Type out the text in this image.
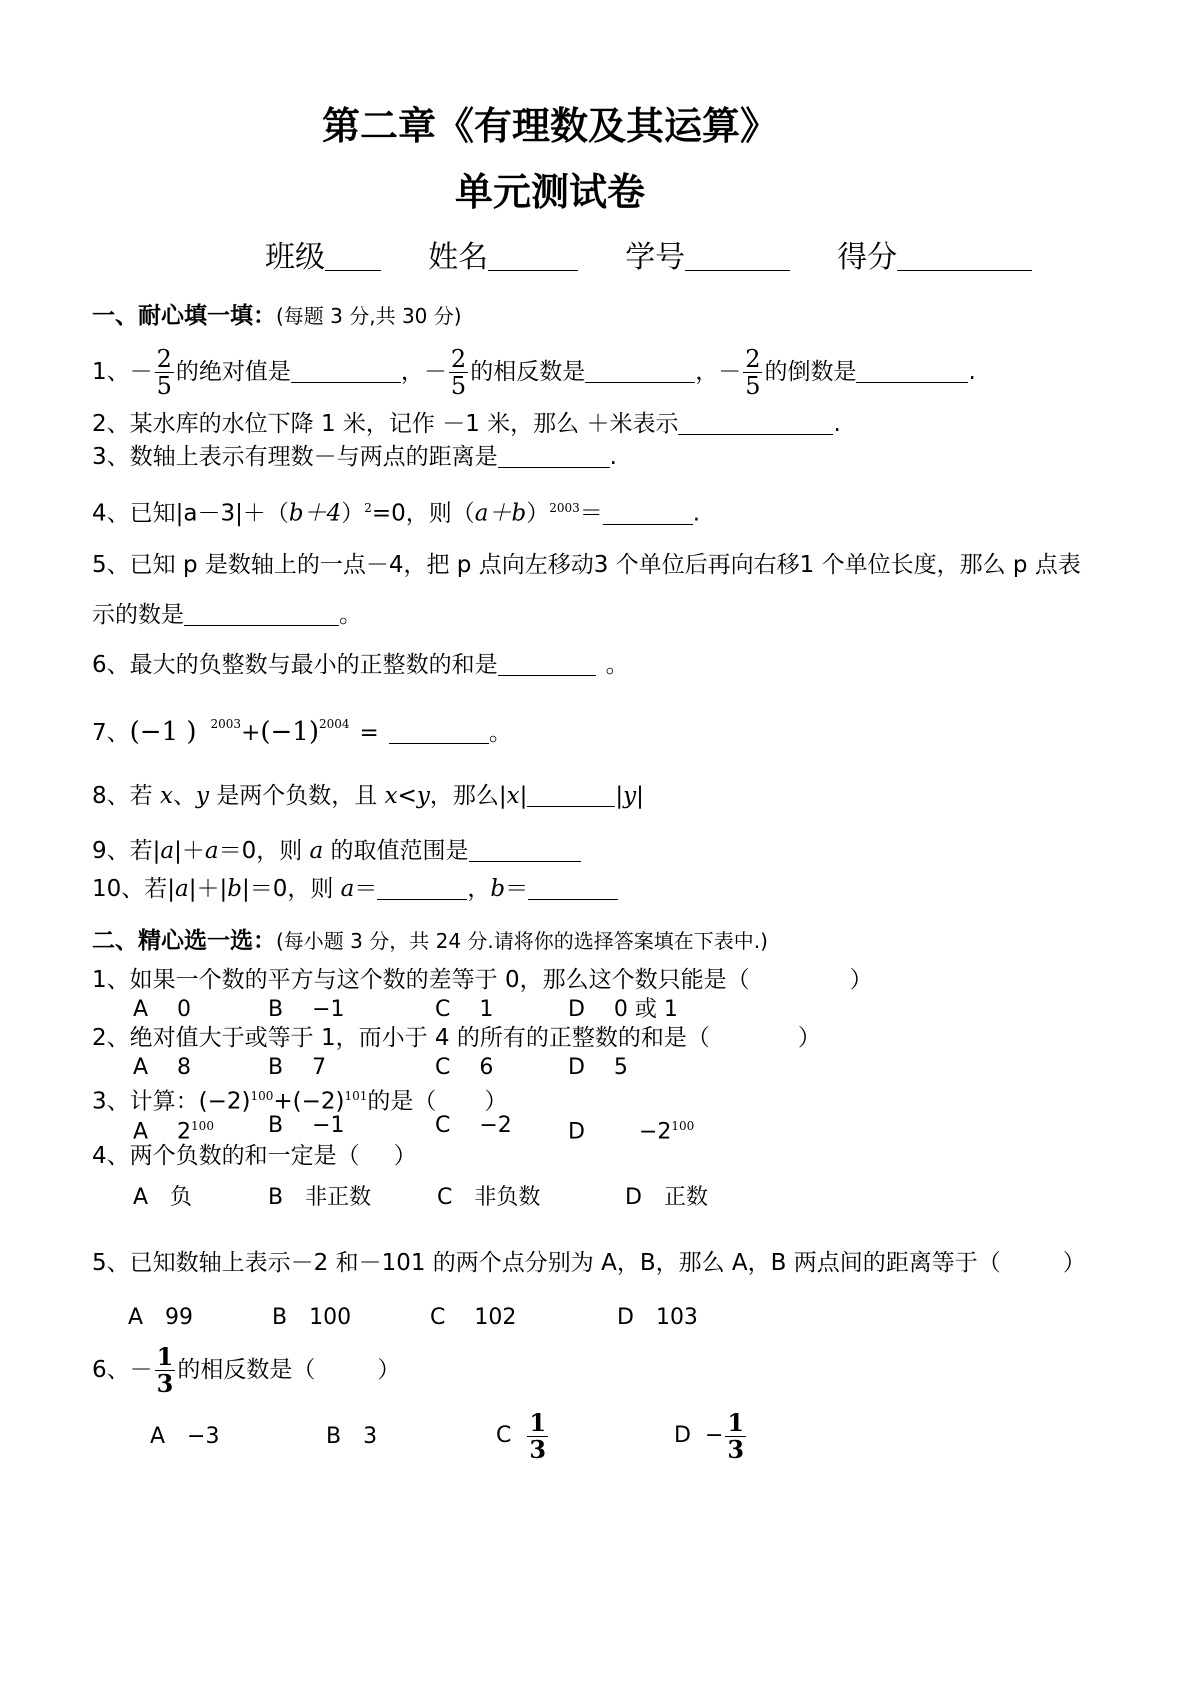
第二章《有理数及其运算》
单元测试卷
班级	姓名	学号	得分
一、耐心填一填：(每题 3 分,共 30 分)
1、－ $\frac{2}{5}$ 的绝对值是	，－ $\frac{2}{5}$ 的相反数是	，－ $\frac{2}{5}$ 的倒数是	.
2、某水库的水位下降 1 米，记作 －1 米，那么 ＋米表示	.
3、数轴上表示有理数－与两点的距离是	.
4、已知$|a-3|+(b+4)^2=0$，则$(a+b)^{2003}=$	.
5、已知 p 是数轴上的一点－4，把 p 点向左移动3 个单位后再向右移1 个单位长度，那么 p 点表
示的数是	。
6、最大的负整数与最小的正整数的和是	。
7、(−1 ) $^{2003}+(-1)^{2004}$ =	。
8、若 x、y 是两个负数，且 x<y，那么|x|	|y|
9、若|a|＋a＝0，则 a 的取值范围是
10、若|a|＋|b|＝0，则 a＝	，b＝
二、精心选一选：(每小题 3 分，共 24 分.请将你的选择答案填在下表中.)
1、如果一个数的平方与这个数的差等于 0，那么这个数只能是（	）
A　 0	B　 −1	C　 1	D　 0 或 1
2、绝对值大于或等于 1，而小于 4 的所有的正整数的和是（	）
A　 8	B　 7	C　 6	D　 5
3、计算：$(-2)^{100}+(-2)^{101}$的是（ ）
A　 $2^{100}$ B　 −1	C　 −2	$D -2^{100}$
4、两个负数的和一定是（ ）
A　负	B　非正数	C　非负数	D　正数
5、已知数轴上表示－2 和－101 的两个点分别为 A，B，那么 A，B 两点间的距离等于（	）
A　99	B　100	C　 102	D　103
6、－ $\frac{1}{3}$ 的相反数是（	）
A　−3	B　3	C $\frac{1}{3}$	$D - \frac{1}{3}$
